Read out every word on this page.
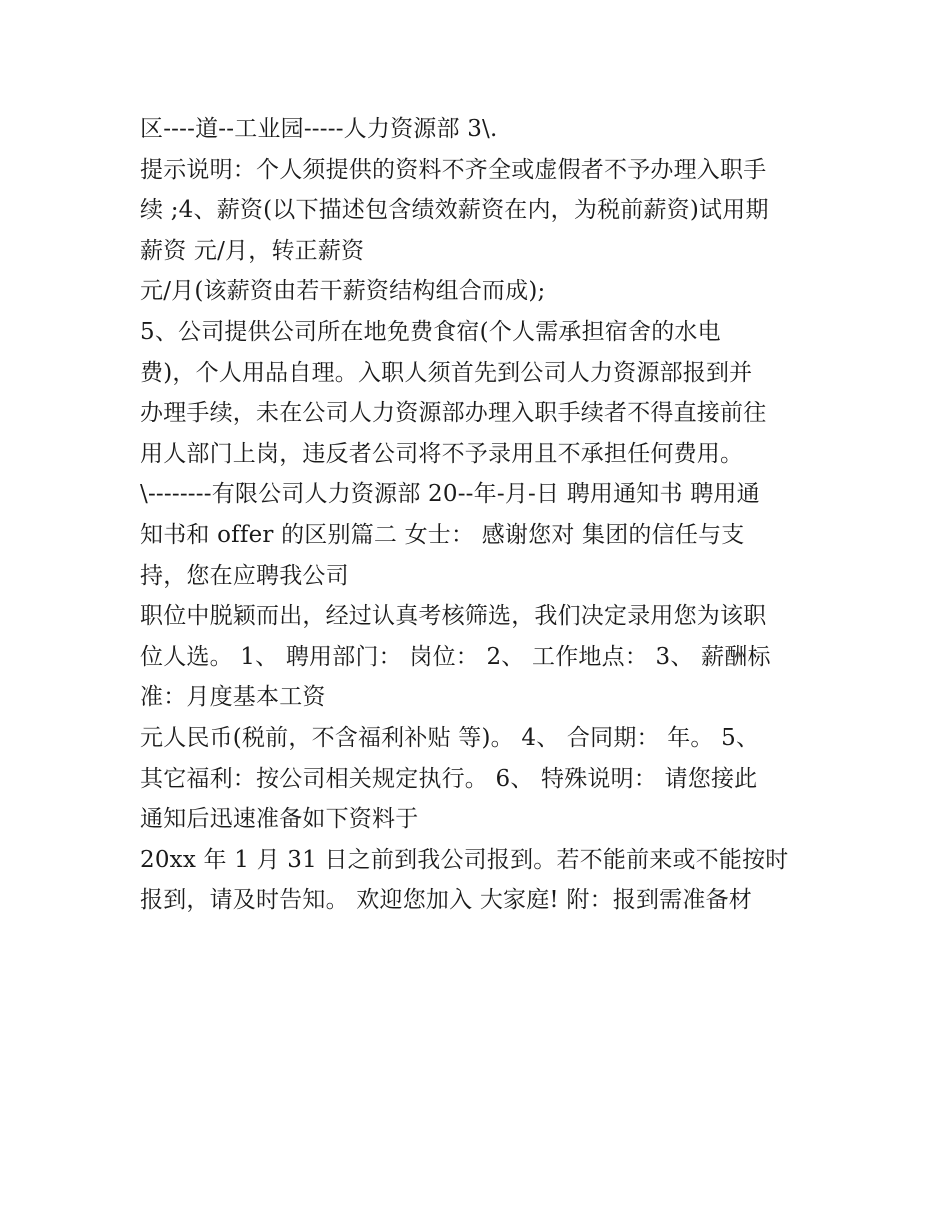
区----道--工业园-----人力资源部 3\.
提示说明：个人须提供的资料不齐全或虚假者不予办理入职手
续 ;4、薪资(以下描述包含绩效薪资在内，为税前薪资)试用期
薪资 元/月，转正薪资
元/月(该薪资由若干薪资结构组合而成);
5、公司提供公司所在地免费食宿(个人需承担宿舍的水电
费)，个人用品自理。入职人须首先到公司人力资源部报到并
办理手续，未在公司人力资源部办理入职手续者不得直接前往
用人部门上岗，违反者公司将不予录用且不承担任何费用。
\--------有限公司人力资源部 20--年-月-日 聘用通知书 聘用通
知书和 offer 的区别篇二 女士： 感谢您对 集团的信任与支
持，您在应聘我公司
职位中脱颖而出，经过认真考核筛选，我们决定录用您为该职
位人选。 1、 聘用部门： 岗位： 2、 工作地点： 3、 薪酬标
准：月度基本工资
元人民币(税前，不含福利补贴 等)。 4、 合同期： 年。 5、
其它福利：按公司相关规定执行。 6、 特殊说明： 请您接此
通知后迅速准备如下资料于
20xx 年 1 月 31 日之前到我公司报到。若不能前来或不能按时
报到，请及时告知。 欢迎您加入 大家庭! 附：报到需准备材
